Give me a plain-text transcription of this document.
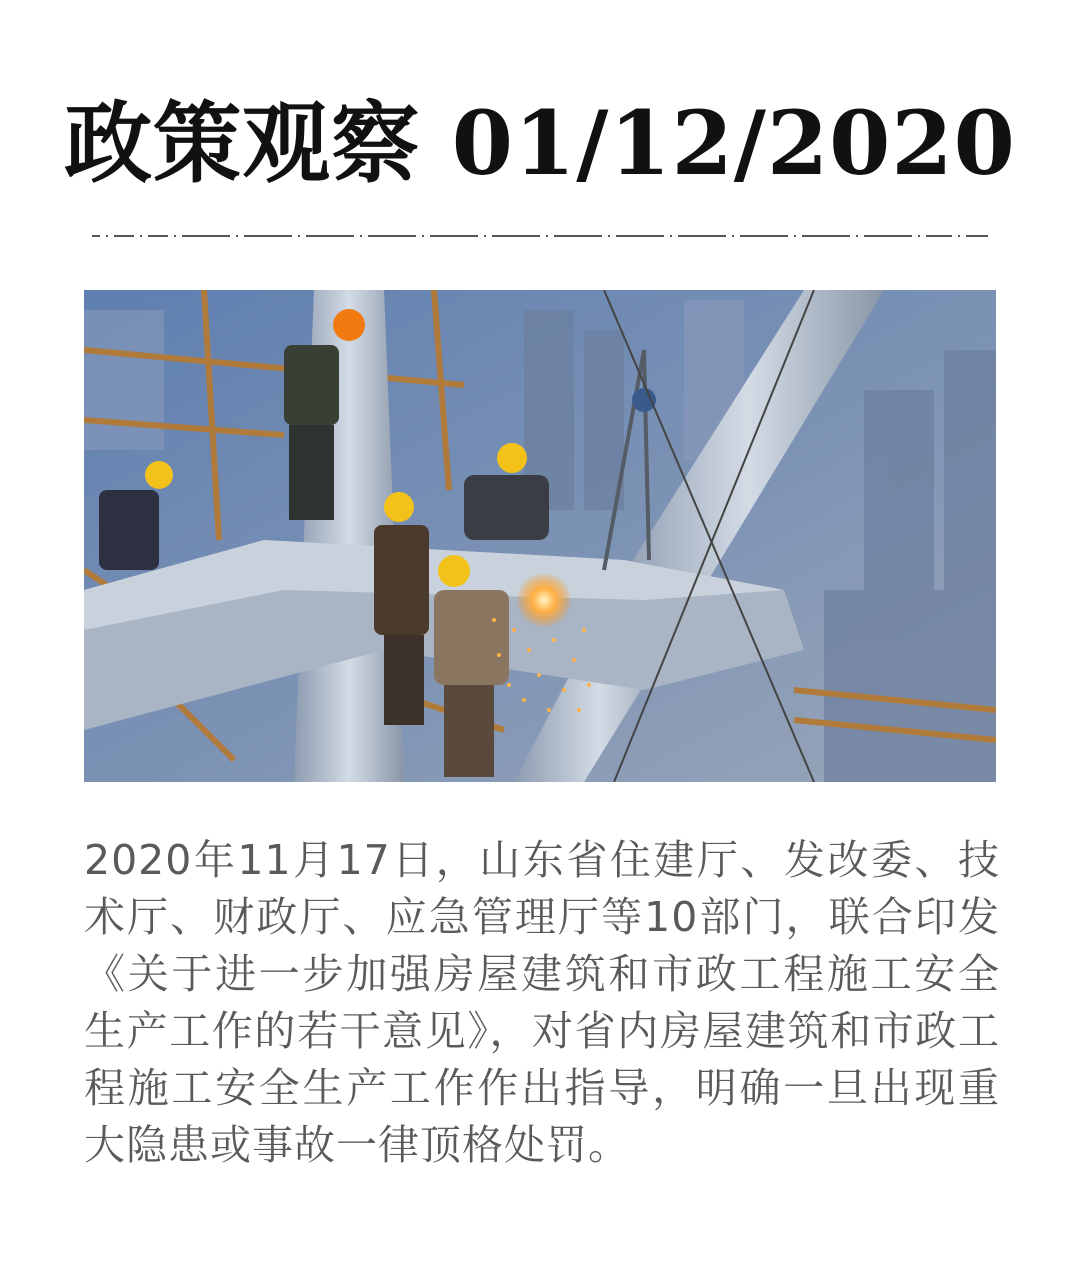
政策观察 01/12/2020

2020年11月17日，山东省住建厅、发改委、技术厅、财政厅、应急管理厅等10部门，联合印发《关于进一步加强房屋建筑和市政工程施工安全生产工作的若干意见》，对省内房屋建筑和市政工程施工安全生产工作作出指导，明确一旦出现重大隐患或事故一律顶格处罚。
